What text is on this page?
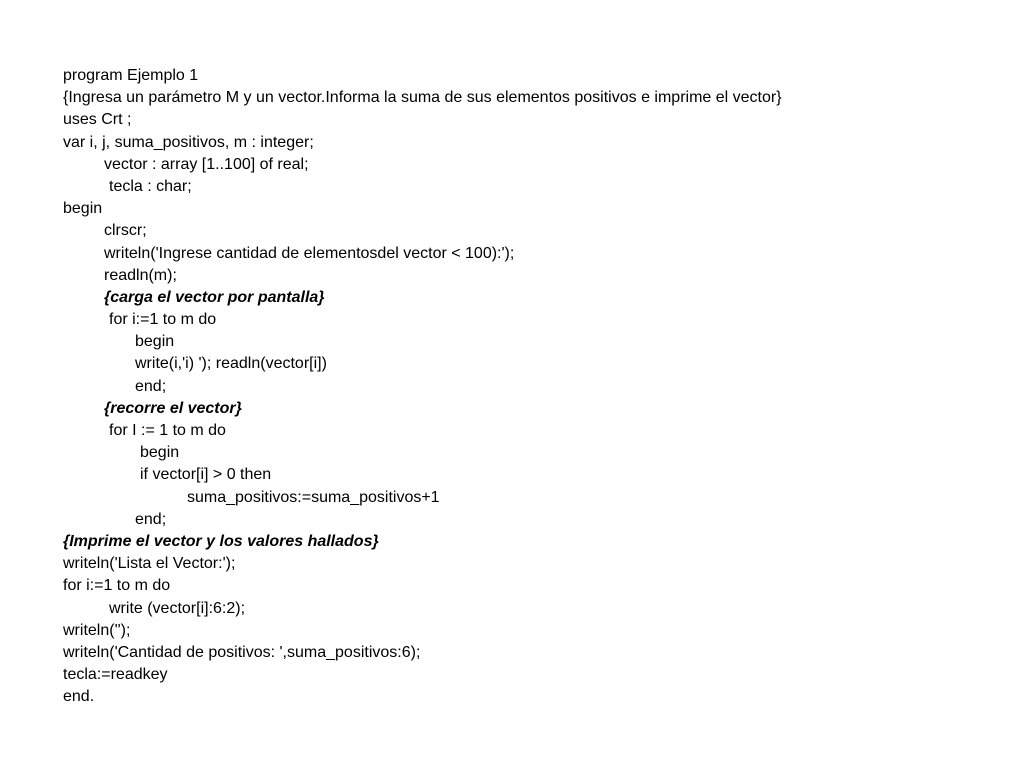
program Ejemplo 1
{Ingresa un parámetro M y un vector.Informa la suma de sus elementos positivos e imprime el vector}
uses Crt ;
var i, j, suma_positivos, m : integer;
vector : array [1..100] of real;
tecla : char;
begin
clrscr;
writeln('Ingrese cantidad de elementosdel vector < 100):');
readln(m);
{carga el vector por pantalla}
for i:=1 to m do
begin
write(i,'i) '); readln(vector[i])
end;
{recorre el vector}
for I := 1 to m do
begin
if vector[i] > 0 then
suma_positivos:=suma_positivos+1
end;
{Imprime el vector y los valores hallados}
writeln('Lista el Vector:');
for i:=1 to m do
write (vector[i]:6:2);
writeln('');
writeln('Cantidad de positivos: ',suma_positivos:6);
tecla:=readkey
end.
